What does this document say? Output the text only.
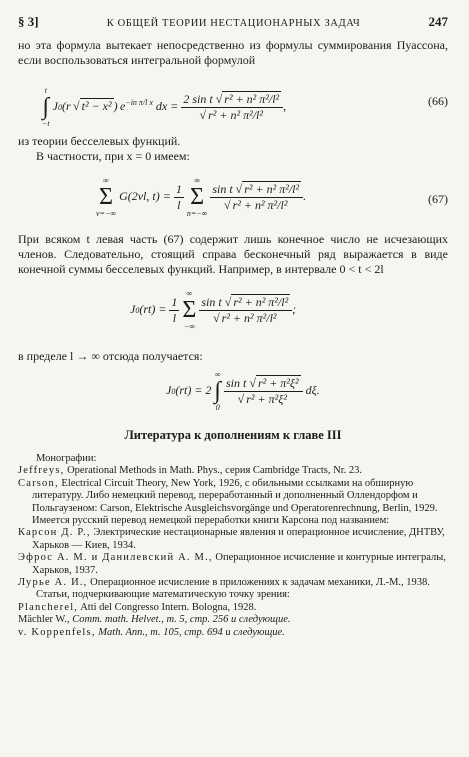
§ 3]	К ОБЩЕЙ ТЕОРИИ НЕСТАЦИОНАРНЫХ ЗАДАЧ	247

но эта формула вытекает непосредственно из формулы суммирования Пуассона, если воспользоваться интегральной формулой

t
∫
−t J0(r √ t² − x² ) $e^{-in \pi/l x}$ dx = $\frac{\text{2 sin t √ r² + n² π²/l²}}{\text{√ r² + n² π²/l²}}$ ,	(66)

из теории бесселевых функций.

В частности, при x = 0 имеем:

∞
Σ
ν=−∞ G(2νl, $t) = \frac{1}{l}$
∞
Σ
n=−∞
$\frac{\text{sin t √ r² + n² π²/l²}}{\text{√ r² + n² π²/l²}}$ .	(67)

При всяком t левая часть (67) содержит лишь конечное число не исчезающих членов. Следовательно, стоящий справа бесконечный ряд выражается в виде конечной суммы бесселевых функций. Например, в интервале 0 < t < 2l

$J0(rt) = \frac{1}{l}$
∞
Σ
−∞
$\frac{\text{sin t √ r² + n² π²/l²}}{\text{√ r² + n² π²/l²}}$ ;

в пределе l → ∞ отсюда получается:

J0(rt) = 2 ∞
∫
0
$\frac{\text{sin t √ r² + π²ξ²}}{\text{√ r² + π²ξ²}} d\xi$.

Литература к дополнениям к главе III

Монографии:

Jeffreys, Operational Methods in Math. Phys., серия Cambridge Tracts, Nr. 23.

Carson, Electrical Circuit Theory, New York, 1926, с обильными ссылками на обширную литературу. Либо немецкий перевод, переработанный и дополненный Оллендорфом и Польгаузеном: Carson, Elektrische Ausgleichsvorgänge und Operatorenrechnung, Berlin, 1929. Имеется русский перевод немецкой переработки книги Карсона под названием:

Карсон Д. Р., Электрические нестационарные явления и операционное исчисление, ДНТВУ, Харьков — Киев, 1934.

Эфрос А. М. и Данилевский А. М., Операционное исчисление и контурные интегралы, Харьков, 1937.

Лурье А. И., Операционное исчисление в приложениях к задачам механики, Л.-М., 1938.

Статьи, подчеркивающие математическую точку зрения:

Plancherel, Atti del Congresso Intern. Bologna, 1928.

Mächler W., Comm. math. Helvet., т. 5, стр. 256 и следующие.

v. Koppenfels, Math. Ann., т. 105, стр. 694 и следующие.
